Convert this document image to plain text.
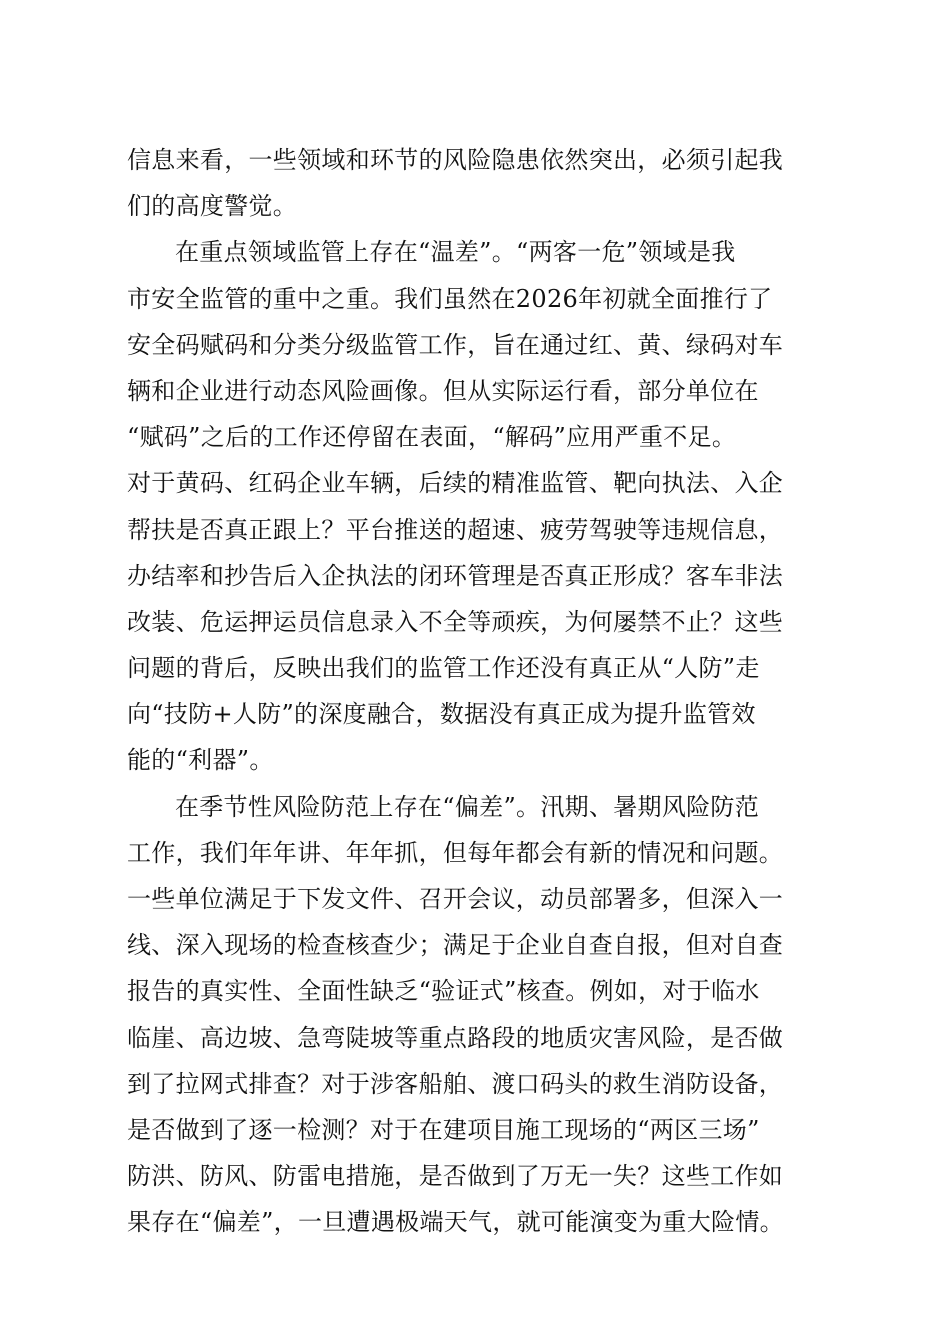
信息来看，一些领域和环节的风险隐患依然突出，必须引起我
们的高度警觉。
在重点领域监管上存在“温差”。“两客一危”领域是我
市安全监管的重中之重。我们虽然在2026年初就全面推行了
安全码赋码和分类分级监管工作，旨在通过红、黄、绿码对车
辆和企业进行动态风险画像。但从实际运行看，部分单位在
“赋码”之后的工作还停留在表面，“解码”应用严重不足。
对于黄码、红码企业车辆，后续的精准监管、靶向执法、入企
帮扶是否真正跟上？平台推送的超速、疲劳驾驶等违规信息，
办结率和抄告后入企执法的闭环管理是否真正形成？客车非法
改装、危运押运员信息录入不全等顽疾，为何屡禁不止？这些
问题的背后，反映出我们的监管工作还没有真正从“人防”走
向“技防+人防”的深度融合，数据没有真正成为提升监管效
能的“利器”。
在季节性风险防范上存在“偏差”。汛期、暑期风险防范
工作，我们年年讲、年年抓，但每年都会有新的情况和问题。
一些单位满足于下发文件、召开会议，动员部署多，但深入一
线、深入现场的检查核查少；满足于企业自查自报，但对自查
报告的真实性、全面性缺乏“验证式”核查。例如，对于临水
临崖、高边坡、急弯陡坡等重点路段的地质灾害风险，是否做
到了拉网式排查？对于涉客船舶、渡口码头的救生消防设备，
是否做到了逐一检测？对于在建项目施工现场的“两区三场”
防洪、防风、防雷电措施，是否做到了万无一失？这些工作如
果存在“偏差”，一旦遭遇极端天气，就可能演变为重大险情。
